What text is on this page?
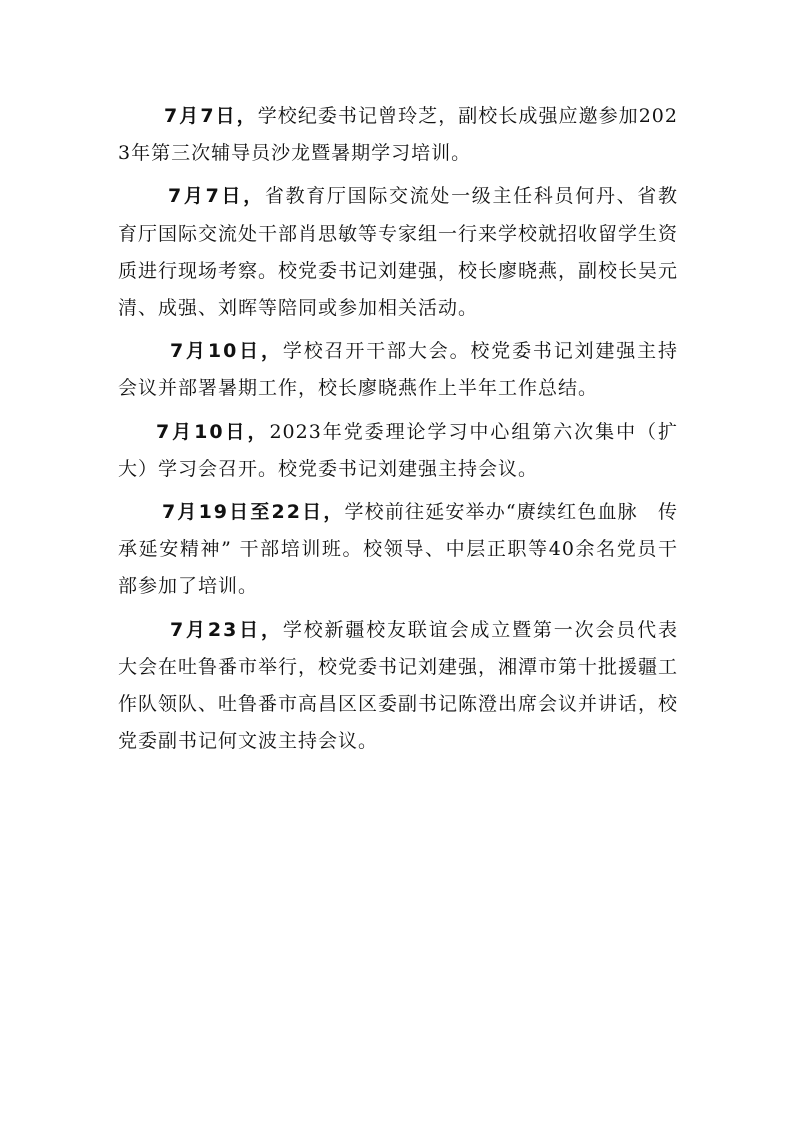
7月7日，学校纪委书记曾玲芝，副校长成强应邀参加2023年第三次辅导员沙龙暨暑期学习培训。

7月7日，省教育厅国际交流处一级主任科员何丹、省教育厅国际交流处干部肖思敏等专家组一行来学校就招收留学生资质进行现场考察。校党委书记刘建强，校长廖晓燕，副校长吴元清、成强、刘晖等陪同或参加相关活动。

7月10日，学校召开干部大会。校党委书记刘建强主持会议并部署暑期工作，校长廖晓燕作上半年工作总结。

7月10日，2023年党委理论学习中心组第六次集中（扩大）学习会召开。校党委书记刘建强主持会议。

7月19日至22日，学校前往延安举办“赓续红色血脉　传承延安精神” 干部培训班。校领导、中层正职等40余名党员干部参加了培训。

7月23日，学校新疆校友联谊会成立暨第一次会员代表大会在吐鲁番市举行，校党委书记刘建强，湘潭市第十批援疆工作队领队、吐鲁番市高昌区区委副书记陈澄出席会议并讲话，校党委副书记何文波主持会议。
